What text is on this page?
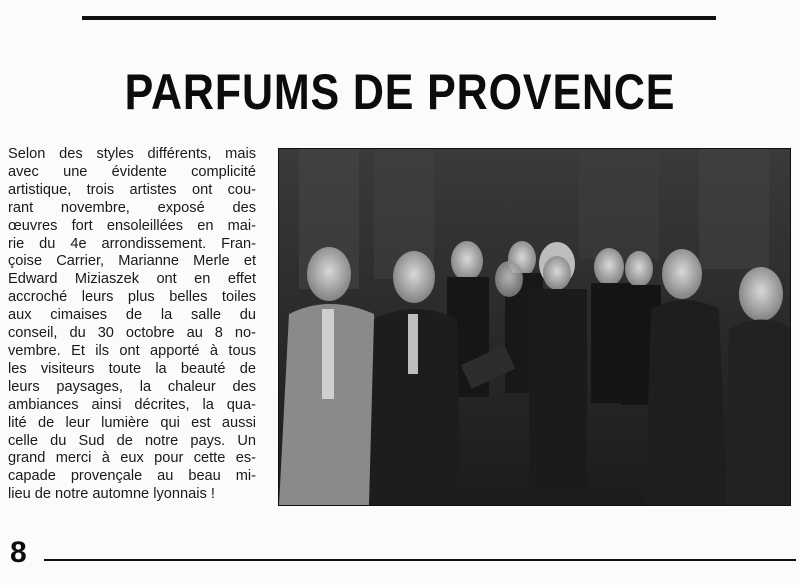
PARFUMS DE PROVENCE
Selon des styles différents, mais
avec une évidente complicité
artistique, trois artistes ont cou-
rant novembre, exposé des
œuvres fort ensoleillées en mai-
rie du 4e arrondissement. Fran-
çoise Carrier, Marianne Merle et
Edward Miziaszek ont en effet
accroché leurs plus belles toiles
aux cimaises de la salle du
conseil, du 30 octobre au 8 no-
vembre. Et ils ont apporté à tous
les visiteurs toute la beauté de
leurs paysages, la chaleur des
ambiances ainsi décrites, la qua-
lité de leur lumière qui est aussi
celle du Sud de notre pays. Un
grand merci à eux pour cette es-
capade provençale au beau mi-
lieu de notre automne lyonnais !
8
